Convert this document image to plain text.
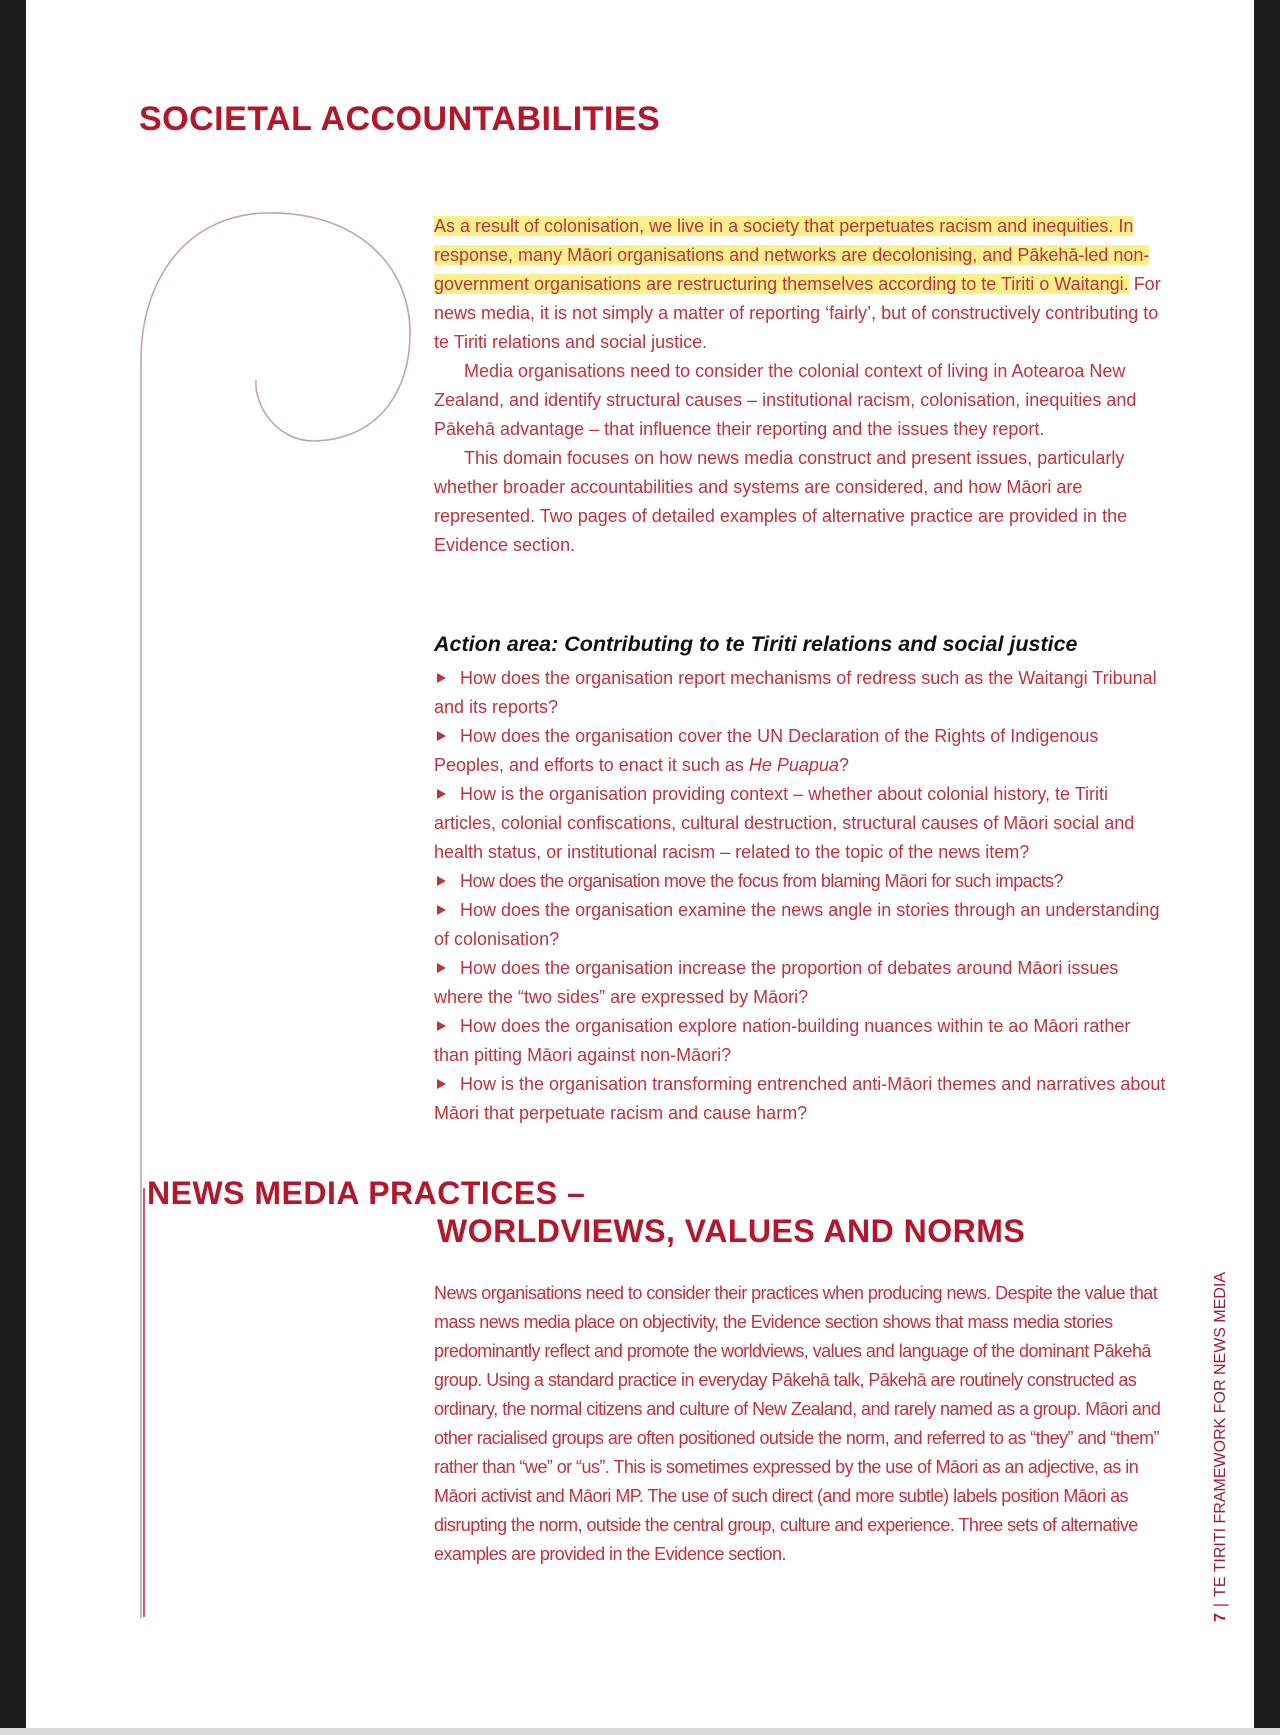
SOCIETAL ACCOUNTABILITIES

As a result of colonisation, we live in a society that perpetuates racism and inequities. In response, many Māori organisations and networks are decolonising, and Pākehā-led non-government organisations are restructuring themselves according to te Tiriti o Waitangi. For news media, it is not simply a matter of reporting ‘fairly’, but of constructively contributing to te Tiriti relations and social justice.

Media organisations need to consider the colonial context of living in Aotearoa New Zealand, and identify structural causes – institutional racism, colonisation, inequities and Pākehā advantage – that influence their reporting and the issues they report.

This domain focuses on how news media construct and present issues, particularly whether broader accountabilities and systems are considered, and how Māori are represented. Two pages of detailed examples of alternative practice are provided in the Evidence section.

Action area: Contributing to te Tiriti relations and social justice

How does the organisation report mechanisms of redress such as the Waitangi Tribunal and its reports?

How does the organisation cover the UN Declaration of the Rights of Indigenous Peoples, and efforts to enact it such as He Puapua?

How is the organisation providing context – whether about colonial history, te Tiriti articles, colonial confiscations, cultural destruction, structural causes of Māori social and health status, or institutional racism – related to the topic of the news item?

How does the organisation move the focus from blaming Māori for such impacts?

How does the organisation examine the news angle in stories through an understanding of colonisation?

How does the organisation increase the proportion of debates around Māori issues where the “two sides” are expressed by Māori?

How does the organisation explore nation-building nuances within te ao Māori rather than pitting Māori against non-Māori?

How is the organisation transforming entrenched anti-Māori themes and narratives about Māori that perpetuate racism and cause harm?

NEWS MEDIA PRACTICES –
WORLDVIEWS, VALUES AND NORMS

News organisations need to consider their practices when producing news. Despite the value that mass news media place on objectivity, the Evidence section shows that mass media stories predominantly reflect and promote the worldviews, values and language of the dominant Pākehā group. Using a standard practice in everyday Pākehā talk, Pākehā are routinely constructed as ordinary, the normal citizens and culture of New Zealand, and rarely named as a group. Māori and other racialised groups are often positioned outside the norm, and referred to as “they” and “them” rather than “we” or “us”. This is sometimes expressed by the use of Māori as an adjective, as in Māori activist and Māori MP. The use of such direct (and more subtle) labels position Māori as disrupting the norm, outside the central group, culture and experience. Three sets of alternative examples are provided in the Evidence section.

7|TE TIRITI FRAMEWORK FOR NEWS MEDIA
